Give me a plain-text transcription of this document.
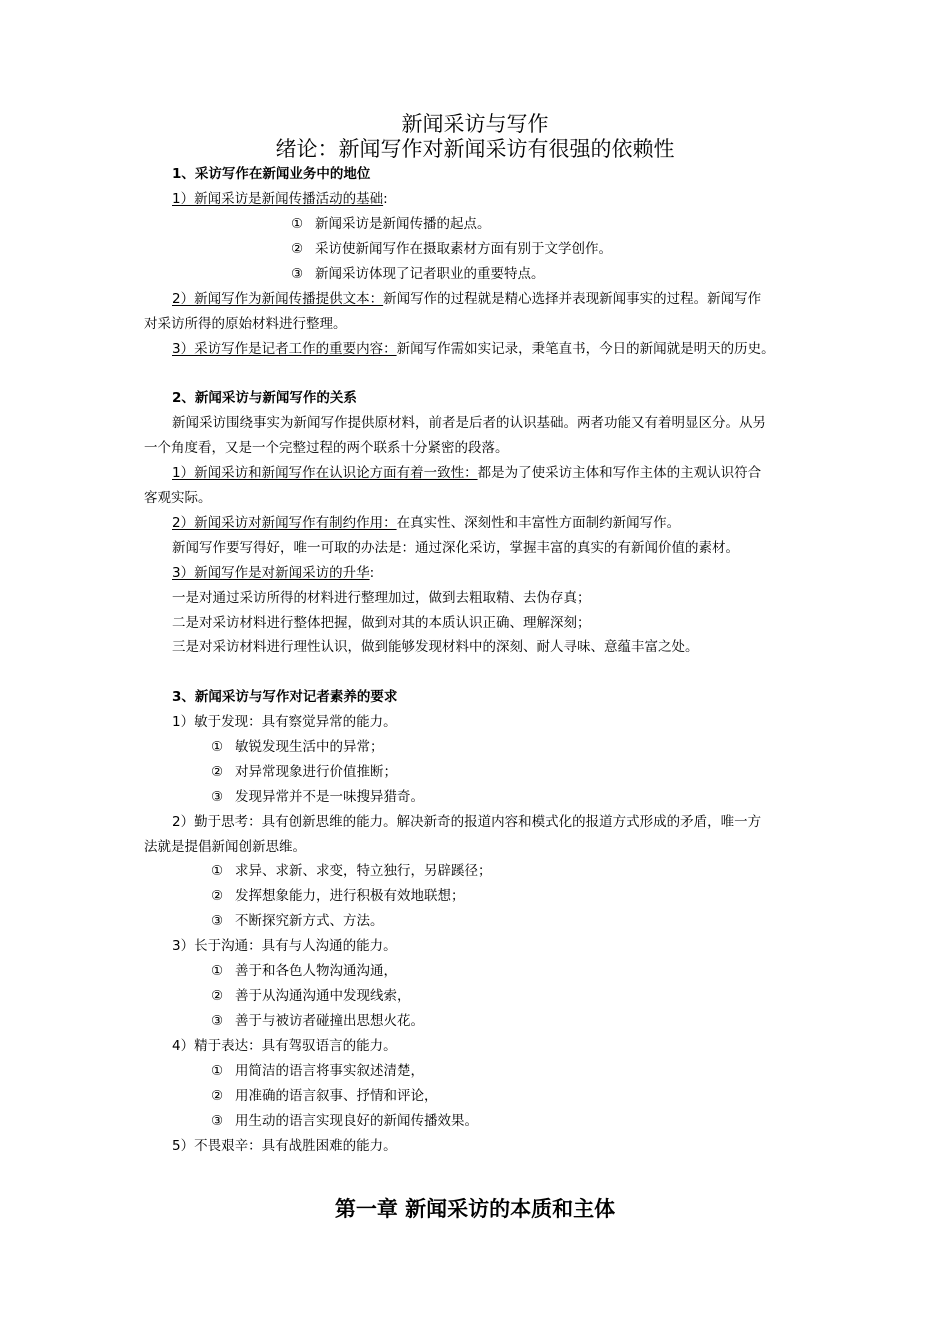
新闻采访与写作
绪论：新闻写作对新闻采访有很强的依赖性
1、采访写作在新闻业务中的地位
1）新闻采访是新闻传播活动的基础:
① 新闻采访是新闻传播的起点。
② 采访使新闻写作在摄取素材方面有别于文学创作。
③ 新闻采访体现了记者职业的重要特点。
2）新闻写作为新闻传播提供文本：新闻写作的过程就是精心选择并表现新闻事实的过程。新闻写作
对采访所得的原始材料进行整理。
3）采访写作是记者工作的重要内容：新闻写作需如实记录，秉笔直书，今日的新闻就是明天的历史。
2、新闻采访与新闻写作的关系
新闻采访围绕事实为新闻写作提供原材料，前者是后者的认识基础。两者功能又有着明显区分。从另
一个角度看，又是一个完整过程的两个联系十分紧密的段落。
1）新闻采访和新闻写作在认识论方面有着一致性：都是为了使采访主体和写作主体的主观认识符合
客观实际。
2）新闻采访对新闻写作有制约作用：在真实性、深刻性和丰富性方面制约新闻写作。
新闻写作要写得好，唯一可取的办法是：通过深化采访，掌握丰富的真实的有新闻价值的素材。
3）新闻写作是对新闻采访的升华:
一是对通过采访所得的材料进行整理加过，做到去粗取精、去伪存真；
二是对采访材料进行整体把握，做到对其的本质认识正确、理解深刻；
三是对采访材料进行理性认识，做到能够发现材料中的深刻、耐人寻味、意蕴丰富之处。
3、新闻采访与写作对记者素养的要求
1）敏于发现：具有察觉异常的能力。
① 敏锐发现生活中的异常；
② 对异常现象进行价值推断；
③ 发现异常并不是一味搜异猎奇。
2）勤于思考：具有创新思维的能力。解决新奇的报道内容和模式化的报道方式形成的矛盾，唯一方
法就是提倡新闻创新思维。
① 求异、求新、求变，特立独行，另辟蹊径；
② 发挥想象能力，进行积极有效地联想；
③ 不断探究新方式、方法。
3）长于沟通：具有与人沟通的能力。
① 善于和各色人物沟通沟通，
② 善于从沟通沟通中发现线索，
③ 善于与被访者碰撞出思想火花。
4）精于表达：具有驾驭语言的能力。
① 用简洁的语言将事实叙述清楚，
② 用准确的语言叙事、抒情和评论，
③ 用生动的语言实现良好的新闻传播效果。
5）不畏艰辛：具有战胜困难的能力。
第一章 新闻采访的本质和主体
